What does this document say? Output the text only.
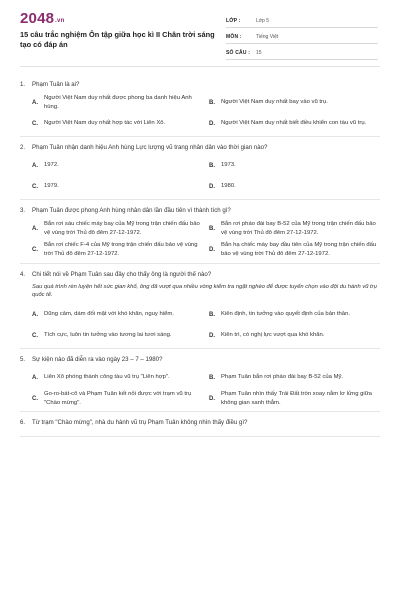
2048.vn
15 câu trắc nghiệm Ôn tập giữa học kì II Chân trời sáng tạo có đáp án
LỚP :	Lớp 5
MÔN :	Tiếng Việt
SỐ CÂU :	15
1.	Phạm Tuân là ai?
A.
Người Việt Nam duy nhất được phong ba danh hiệu Anh hùng.
B.	Người Việt Nam duy nhất bay vào vũ trụ.
C.	Người Việt Nam duy nhất hợp tác với Liên Xô.	D.	Người Việt Nam duy nhất biết điều khiển con tàu vũ trụ.
2.	Phạm Tuân nhận danh hiệu Anh hùng Lực lượng vũ trang nhân dân vào thời gian nào?
A.	1972.	B.	1973.
C.	1979.	D.	1980.
3.	Phạm Tuân được phong Anh hùng nhân dân lần đầu tiên vì thành tích gì?
A.
Bắn rơi sáu chiếc máy bay của Mỹ trong trận chiến đấu bảo vệ vùng trời Thủ đô đêm 27-12-1972.
B.
Bắn rơi pháo đài bay B-52 của Mỹ trong trận chiến đấu bảo vệ vùng trời Thủ đô đêm 27-12-1972.
C.
Bắn rơi chiếc F-4 của Mỹ trong trận chiến đấu bảo vệ vùng trời Thủ đô đêm 27-12-1972.
D.
Bắn hạ chiếc máy bay đầu tiên của Mỹ trong trận chiến đấu bảo vệ vùng trời Thủ đô đêm 27-12-1972.
4.	Chi tiết nói về Phạm Tuân sau đây cho thấy ông là người thế nào?
Sau quá trình rèn luyện hết sức gian khổ, ông đã vượt qua nhiều vòng kiểm tra ngặt nghèo để được tuyển chọn vào đội du hành vũ trụ quốc tế.
A.	Dũng cảm, dám đối mặt với khó khăn, nguy hiểm.	B.	Kiên định, tin tưởng vào quyết định của bản thân.
C.	Tích cực, luôn tin tưởng vào tương lai tươi sáng.	D.	Kiên trì, có nghị lực vượt qua khó khăn.
5.	Sự kiện nào đã diễn ra vào ngày 23 – 7 – 1980?
A.	Liên Xô phóng thành công tàu vũ trụ "Liên hợp".	B.	Phạm Tuân bắn rơi pháo đài bay B-52 của Mỹ.
C.
Go-ro-bát-cô và Phạm Tuân kết nối được với trạm vũ trụ "Chào mừng".
D.
Phạm Tuân nhìn thấy Trái Đất tròn xoay nằm lơ lửng giữa không gian xanh thẳm.
6.	Từ trạm "Chào mừng", nhà du hành vũ trụ Phạm Tuân không nhìn thấy điều gì?
